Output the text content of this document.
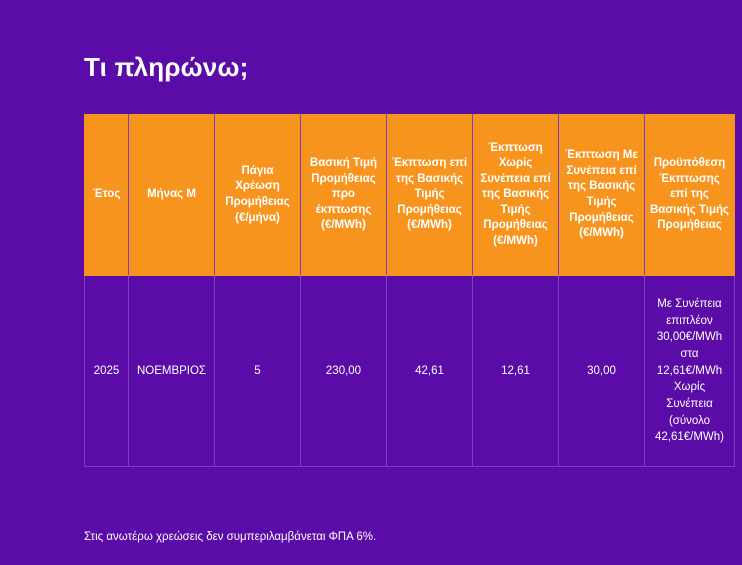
Τι πληρώνω;
Έτος	Μήνας Μ	Πάγια Χρέωση Προμήθειας (€/μήνα)	Βασική Τιμή Προμήθειας προ έκπτωσης (€/MWh)	Έκπτωση επί της Βασικής Τιμής Προμήθειας (€/MWh)	Έκπτωση Χωρίς Συνέπεια επί της Βασικής Τιμής Προμήθειας (€/MWh)	Έκπτωση Με Συνέπεια επί της Βασικής Τιμής Προμήθειας (€/MWh)	Προϋπόθεση Έκπτωσης επί της Βασικής Τιμής Προμήθειας
2025	ΝΟΕΜΒΡΙΟΣ	5	230,00	42,61	12,61	30,00	Με Συνέπεια επιπλέον 30,00€/MWh στα 12,61€/MWh Χωρίς Συνέπεια (σύνολο 42,61€/MWh)
Στις ανωτέρω χρεώσεις δεν συμπεριλαμβάνεται ΦΠΑ 6%.
